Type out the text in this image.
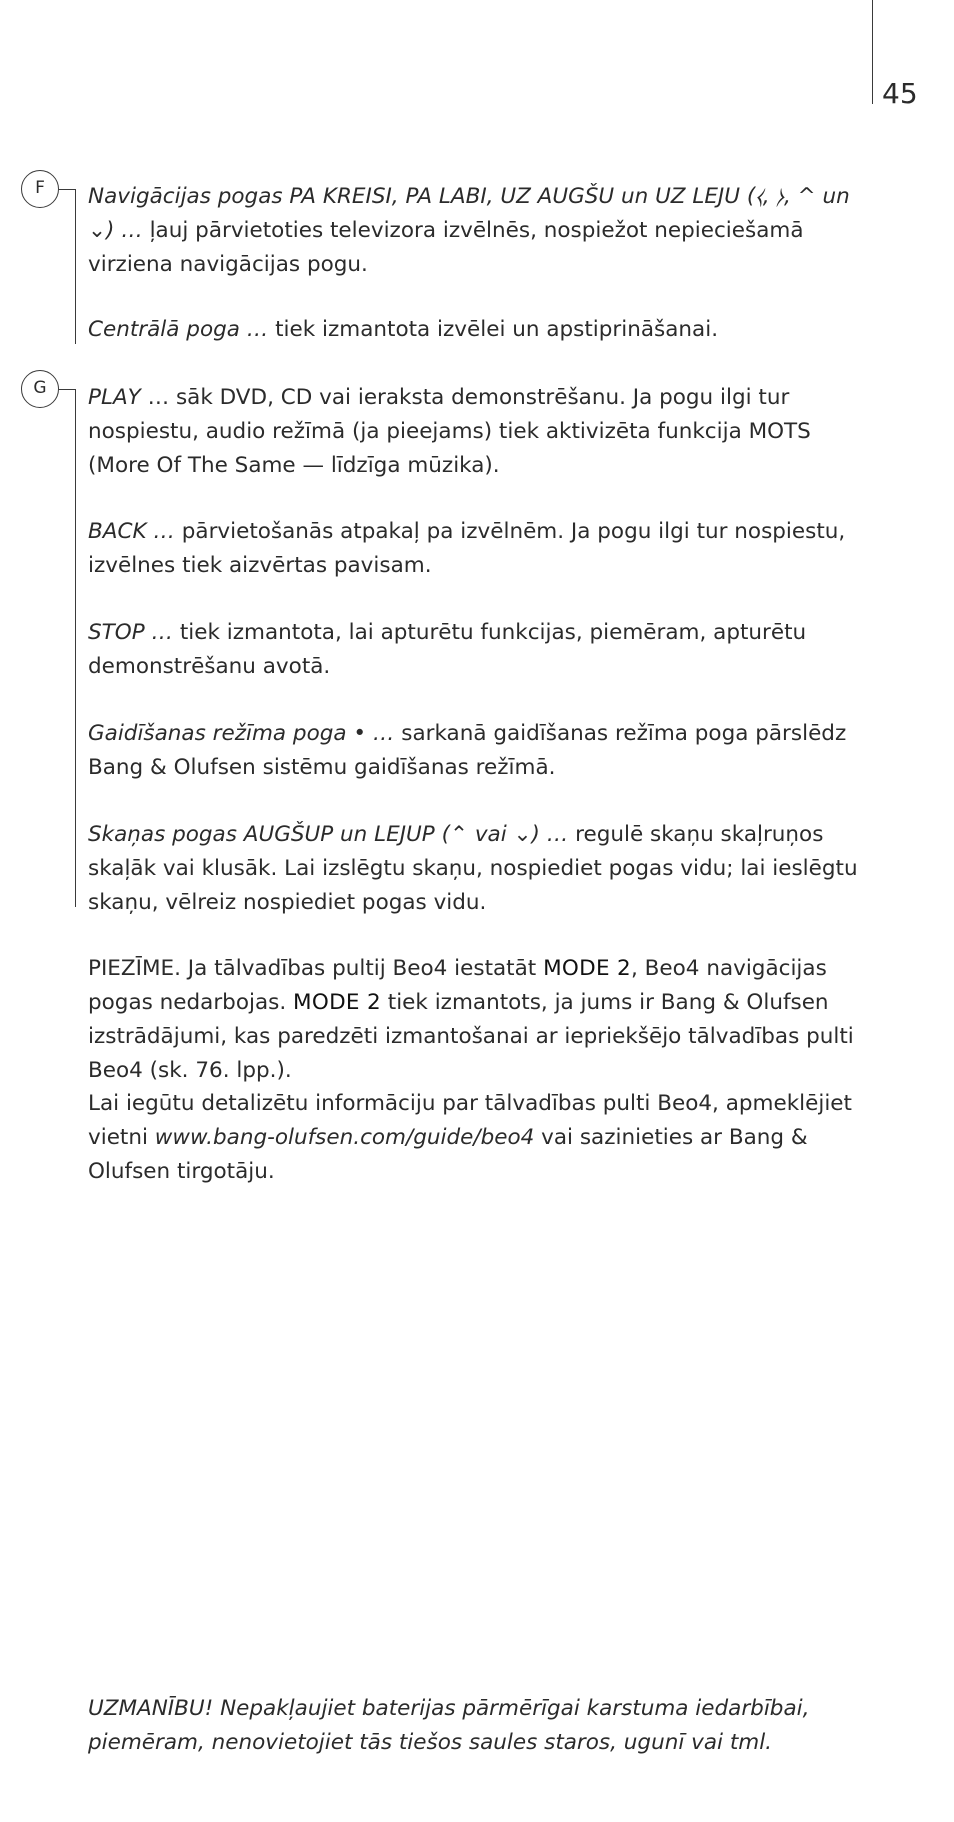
45
F
G

Navigācijas pogas PA KREISI, PA LABI, UZ AUGŠU un UZ LEJU (⧼, ⧽, ^ un ⌄) … ļauj pārvietoties televizora izvēlnēs, nospiežot nepieciešamā virziena navigācijas pogu.

Centrālā poga … tiek izmantota izvēlei un apstiprināšanai.

PLAY … sāk DVD, CD vai ieraksta demonstrēšanu. Ja pogu ilgi tur nospiestu, audio režīmā (ja pieejams) tiek aktivizēta funkcija MOTS (More Of The Same — līdzīga mūzika).

BACK … pārvietošanās atpakaļ pa izvēlnēm. Ja pogu ilgi tur nospiestu, izvēlnes tiek aizvērtas pavisam.

STOP … tiek izmantota, lai apturētu funkcijas, piemēram, apturētu demonstrēšanu avotā.

Gaidīšanas režīma poga • … sarkanā gaidīšanas režīma poga pārslēdz Bang & Olufsen sistēmu gaidīšanas režīmā.

Skaņas pogas AUGŠUP un LEJUP (⌃ vai ⌄) … regulē skaņu skaļruņos skaļāk vai klusāk. Lai izslēgtu skaņu, nospiediet pogas vidu; lai ieslēgtu skaņu, vēlreiz nospiediet pogas vidu.

PIEZĪME. Ja tālvadības pultij Beo4 iestatāt MODE 2, Beo4 navigācijas pogas nedarbojas. MODE 2 tiek izmantots, ja jums ir Bang & Olufsen izstrādājumi, kas paredzēti izmantošanai ar iepriekšējo tālvadības pulti Beo4 (sk. 76. lpp.).

Lai iegūtu detalizētu informāciju par tālvadības pulti Beo4, apmeklējiet vietni www.bang-olufsen.com/guide/beo4 vai sazinieties ar Bang & Olufsen tirgotāju.

UZMANĪBU! Nepakļaujiet baterijas pārmērīgai karstuma iedarbībai, piemēram, nenovietojiet tās tiešos saules staros, ugunī vai tml.
